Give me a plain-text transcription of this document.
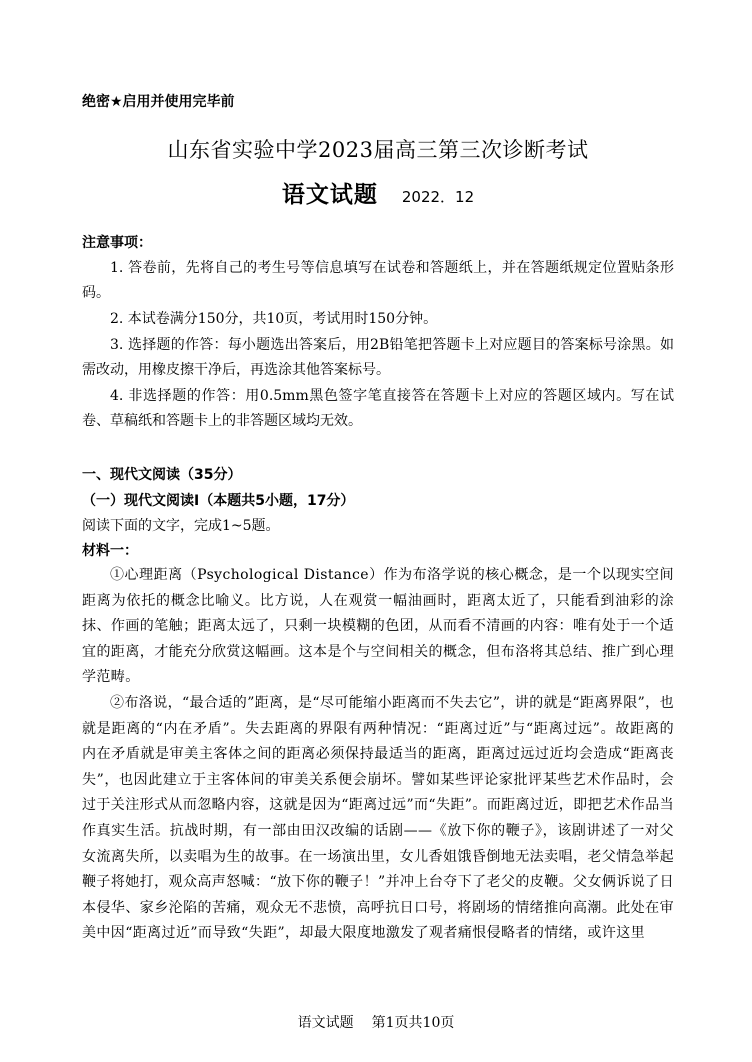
绝密★启用并使用完毕前
山东省实验中学2023届高三第三次诊断考试
语文试题 2022．12
注意事项：

1. 答卷前，先将自己的考生号等信息填写在试卷和答题纸上，并在答题纸规定位置贴条形码。

2. 本试卷满分150分，共10页，考试用时150分钟。

3. 选择题的作答：每小题选出答案后，用2B铅笔把答题卡上对应题目的答案标号涂黑。如需改动，用橡皮擦干净后，再选涂其他答案标号。

4. 非选择题的作答：用0.5mm黑色签字笔直接答在答题卡上对应的答题区域内。写在试卷、草稿纸和答题卡上的非答题区域均无效。

一、现代文阅读（35分）
（一）现代文阅读Ⅰ（本题共5小题，17分）
阅读下面的文字，完成1~5题。
材料一：

①心理距离（Psychological Distance）作为布洛学说的核心概念，是一个以现实空间距离为依托的概念比喻义。比方说，人在观赏一幅油画时，距离太近了，只能看到油彩的涂抹、作画的笔触；距离太远了，只剩一块模糊的色团，从而看不清画的内容：唯有处于一个适宜的距离，才能充分欣赏这幅画。这本是个与空间相关的概念，但布洛将其总结、推广到心理学范畴。

②布洛说，“最合适的”距离，是“尽可能缩小距离而不失去它”，讲的就是“距离界限”，也就是距离的“内在矛盾”。失去距离的界限有两种情况：“距离过近”与“距离过远”。故距离的内在矛盾就是审美主客体之间的距离必须保持最适当的距离，距离过远过近均会造成“距离丧失”，也因此建立于主客体间的审美关系便会崩坏。譬如某些评论家批评某些艺术作品时，会过于关注形式从而忽略内容，这就是因为“距离过远”而“失距”。而距离过近，即把艺术作品当作真实生活。抗战时期，有一部由田汉改编的话剧——《放下你的鞭子》，该剧讲述了一对父女流离失所，以卖唱为生的故事。在一场演出里，女儿香姐饿昏倒地无法卖唱，老父情急举起鞭子将她打，观众高声怒喊：“放下你的鞭子！”并冲上台夺下了老父的皮鞭。父女俩诉说了日本侵华、家乡沦陷的苦痛，观众无不悲愤，高呼抗日口号，将剧场的情绪推向高潮。此处在审美中因“距离过近”而导致“失距”，却最大限度地激发了观者痛恨侵略者的情绪，或许这里

语文试题 第1页共10页
